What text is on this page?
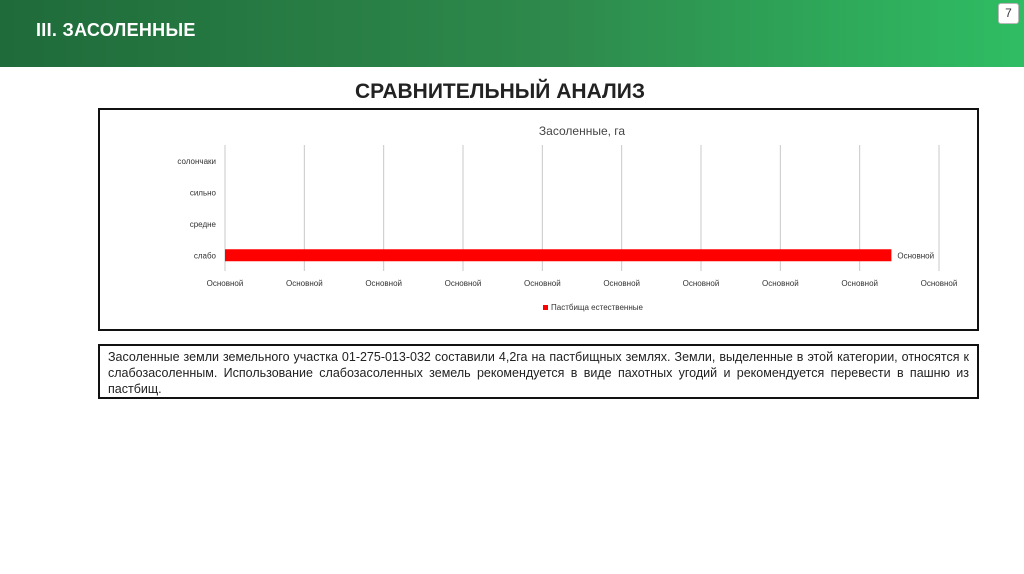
III. ЗАСОЛЕННЫЕ
7
СРАВНИТЕЛЬНЫЙ АНАЛИЗ
Засоленные, га
Основной	Основной	Основной	Основной	Основной	Основной	Основной	Основной	Основной	Основной
солончаки
сильно
средне
слабо	Основной
Пастбища естественные
Засоленные земли земельного участка 01-275-013-032 составили 4,2га на пастбищных землях. Земли, выделенные в этой категории, относятся к слабозасоленным. Использование слабозасоленных земель рекомендуется в виде пахотных угодий и рекомендуется перевести в пашню из пастбищ.
